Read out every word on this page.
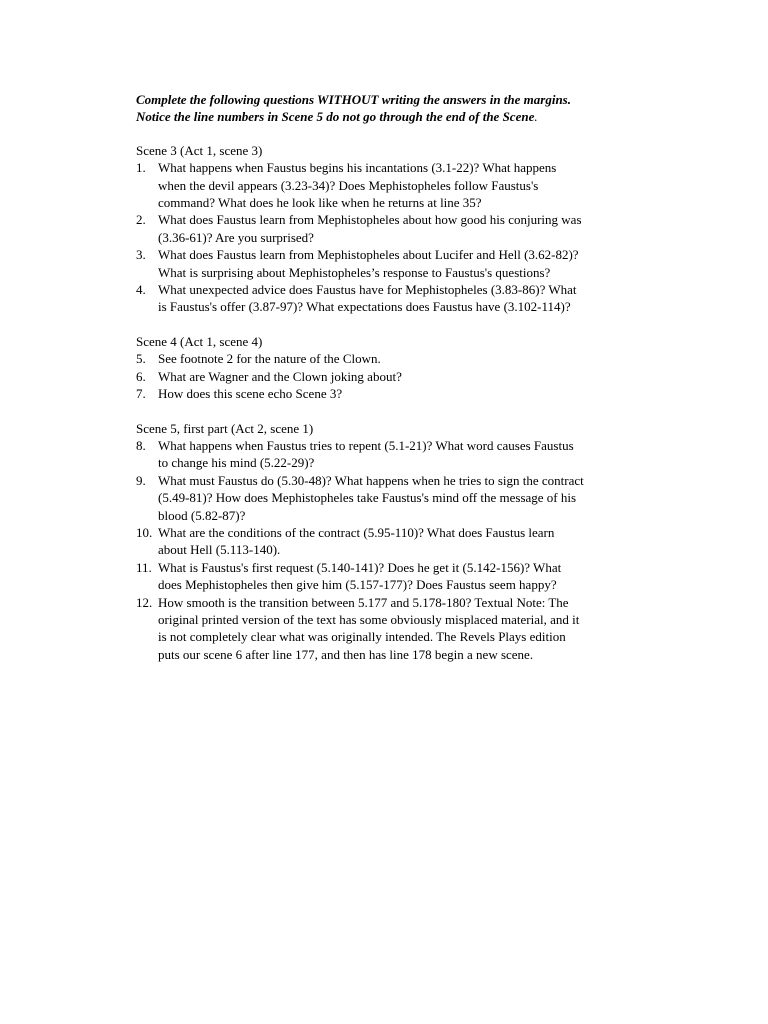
Complete the following questions WITHOUT writing the answers in the margins.
Notice the line numbers in Scene 5 do not go through the end of the Scene.

Scene 3 (Act 1, scene 3)
1. What happens when Faustus begins his incantations (3.1-22)? What happens
when the devil appears (3.23-34)? Does Mephistopheles follow Faustus's
command? What does he look like when he returns at line 35?
2. What does Faustus learn from Mephistopheles about how good his conjuring was
(3.36-61)? Are you surprised?
3. What does Faustus learn from Mephistopheles about Lucifer and Hell (3.62-82)?
What is surprising about Mephistopheles’s response to Faustus's questions?
4. What unexpected advice does Faustus have for Mephistopheles (3.83-86)? What
is Faustus's offer (3.87-97)? What expectations does Faustus have (3.102-114)?
Scene 4 (Act 1, scene 4)
5. See footnote 2 for the nature of the Clown.
6. What are Wagner and the Clown joking about?
7. How does this scene echo Scene 3?
Scene 5, first part (Act 2, scene 1)
8. What happens when Faustus tries to repent (5.1-21)? What word causes Faustus
to change his mind (5.22-29)?
9. What must Faustus do (5.30-48)? What happens when he tries to sign the contract
(5.49-81)? How does Mephistopheles take Faustus's mind off the message of his
blood (5.82-87)?
10. What are the conditions of the contract (5.95-110)? What does Faustus learn
about Hell (5.113-140).
11. What is Faustus's first request (5.140-141)? Does he get it (5.142-156)? What
does Mephistopheles then give him (5.157-177)? Does Faustus seem happy?
12. How smooth is the transition between 5.177 and 5.178-180? Textual Note: The
original printed version of the text has some obviously misplaced material, and it
is not completely clear what was originally intended. The Revels Plays edition
puts our scene 6 after line 177, and then has line 178 begin a new scene.
